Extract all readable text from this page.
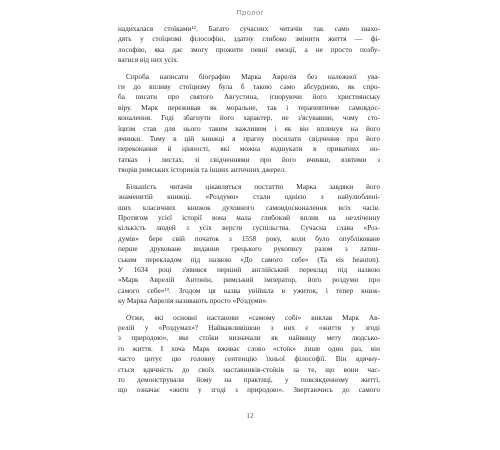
Пролог

надихалася стоїками¹². Багато сучасних читачів так само знахо-
дять у стоїцизмі філософію, здатну глибоко змінити життя — фі-
лософію, яка дає змогу прожити певні емоції, а не просто позбу-
ватися від них усіх.

Спроба написати біографію Марка Аврелія без належної ува-
ги до впливу стоїцизму була б такою само абсурдною, як спро-
ба писати про святого Августина, ігноруючи його християнську
віру. Марк переживав як моральне, так і терапевтичне самовдос-
коналення. Годі збагнути його характер, не з'ясувавши, чому сто-
їцизм став для нього таким важливим і як він вплинув на його
вчинки. Тому в цій книжці я прагну посилати свідчення про його
переконання й цінності, які можна відшукати в приватних но-
татках і листах, зі свідченнями про його вчинки, взятими з
творів римських істориків та інших античних джерел.

Більшість читачів цікавляться постаттю Марка завдяки його
знаменитій книжці. «Роздуми» стали однією з найулюблені-
ших класичних книжок духовного самовдосконалення всіх часів.
Протягом усієї історії вона мала глибокий вплив на незліченну
кількість людей з усіх верств суспільства. Сучасна слава «Роз-
думів» бере свій початок з 1558 року, коли було опубліковане
перше друковане видання грецького рукопису разом з латин-
ським перекладом під назвою «До самого себе» (Ta eis heauton).
У 1634 році з'явився перший англійський переклад під назвою
«Марк Аврелій Антонін, римський імператор, його роздуми про
самого себе»¹³. Згодом ця назва увійшла в ужиток, і тепер книж-
ку Марка Аврелія називають просто «Роздуми».

Отже, які основні настанови «самому собі» виклав Марк Ав-
релій у «Роздумах»? Найважливішою з них є «життя у згоді
з природою», яке стоїки визначали як найвищу мету людсько-
го життя. І хоча Марк вживає слово «стоїк» лише один раз, він
часто цитує цю головну сентенцію їхньої філософії. Він вдячну-
ється вдячність до своїх наставників-стоїків за те, що вони час-
то демонстрували йому на практиці, у повсякденному житті,
що означає «жити у згоді з природою». Звертаючись до самого

12
